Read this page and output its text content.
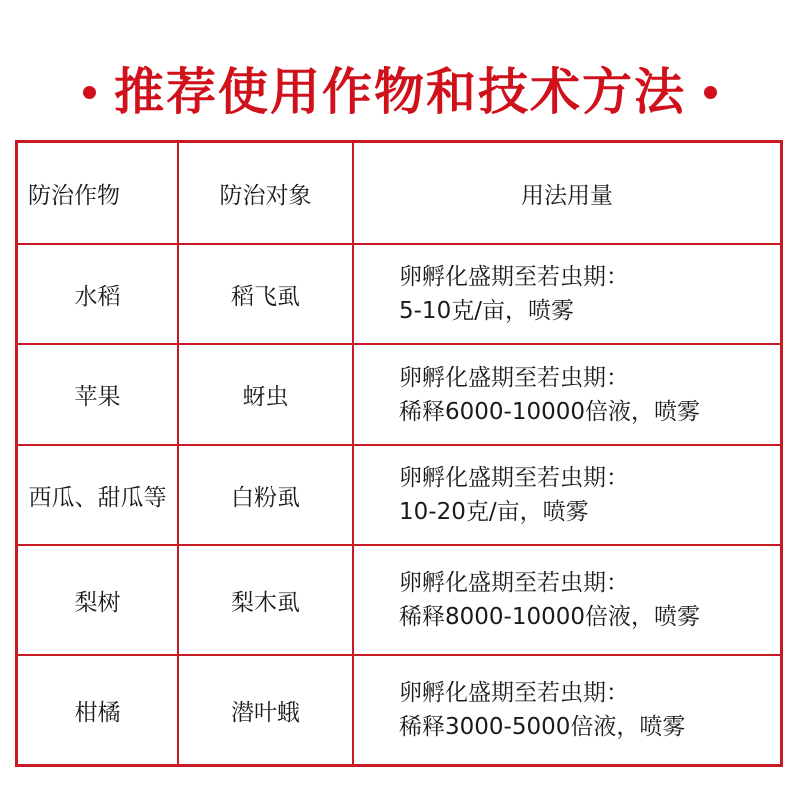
推荐使用作物和技术方法
防治作物	防治对象	用法用量
水稻	稻飞虱	卵孵化盛期至若虫期：
5-10克/亩，喷雾

苹果	蚜虫	卵孵化盛期至若虫期：
稀释6000-10000倍液，喷雾

西瓜、甜瓜等	白粉虱	卵孵化盛期至若虫期：
10-20克/亩，喷雾

梨树	梨木虱	卵孵化盛期至若虫期：
稀释8000-10000倍液，喷雾

柑橘	潜叶蛾	卵孵化盛期至若虫期：
稀释3000-5000倍液，喷雾
